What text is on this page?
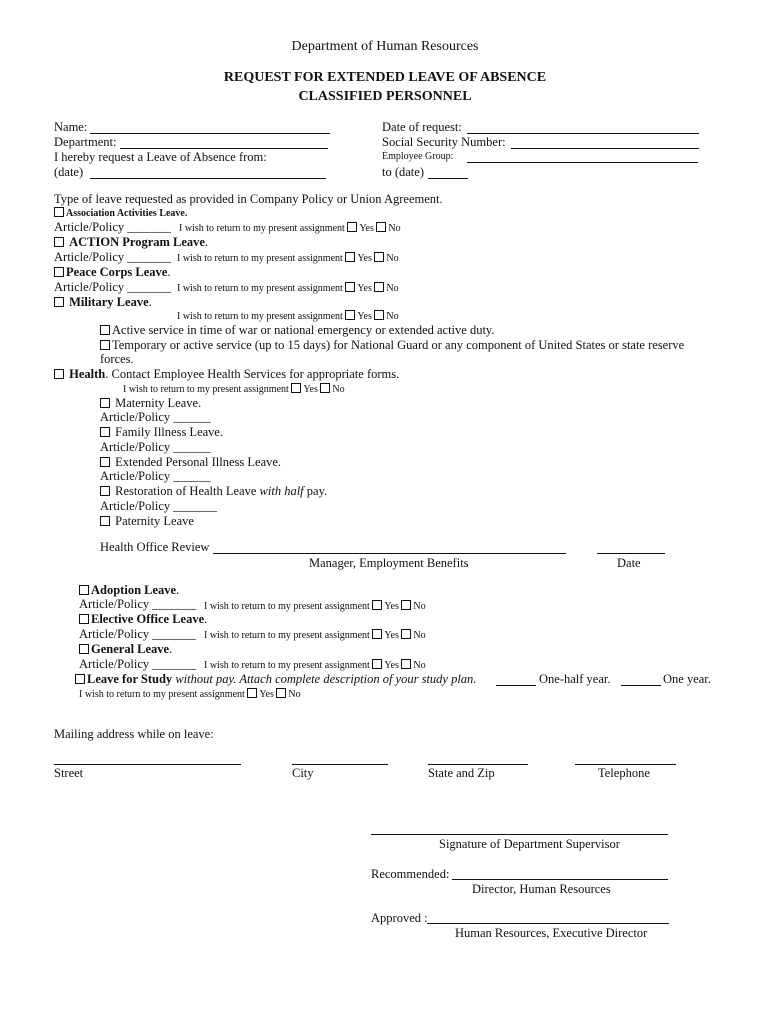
Department of Human Resources
REQUEST FOR EXTENDED LEAVE OF ABSENCE
CLASSIFIED PERSONNEL
Name:
Department:
I hereby request a Leave of Absence from:
(date)
Date of request:
Social Security Number:
Employee Group:
to (date)
Type of leave requested as provided in Company Policy or Union Agreement.
Association Activities Leave.
Article/Policy _______ I wish to return to my present assignment Yes No
ACTION Program Leave.
Article/Policy _______ I wish to return to my present assignment Yes No
Peace Corps Leave.
Article/Policy _______ I wish to return to my present assignment Yes No
Military Leave.
I wish to return to my present assignment Yes No
Active service in time of war or national emergency or extended active duty.
Temporary or active service (up to 15 days) for National Guard or any component of United States or state reserve
forces.
Health. Contact Employee Health Services for appropriate forms.
I wish to return to my present assignment Yes No
Maternity Leave.
Article/Policy ______
Family Illness Leave.
Article/Policy ______
Extended Personal Illness Leave.
Article/Policy ______
Restoration of Health Leave with half pay.
Article/Policy _______
Paternity Leave
Health Office Review
Manager, Employment Benefits	Date
Adoption Leave.
Article/Policy _______ I wish to return to my present assignment Yes No
Elective Office Leave.
Article/Policy _______ I wish to return to my present assignment Yes No
General Leave.
Article/Policy _______ I wish to return to my present assignment Yes No
Leave for Study without pay. Attach complete description of your study plan.	One-half year.	One year.
I wish to return to my present assignment Yes No
Mailing address while on leave:
Street	City	State and Zip	Telephone
Signature of Department Supervisor
Recommended:
Director, Human Resources
Approved :
Human Resources, Executive Director
